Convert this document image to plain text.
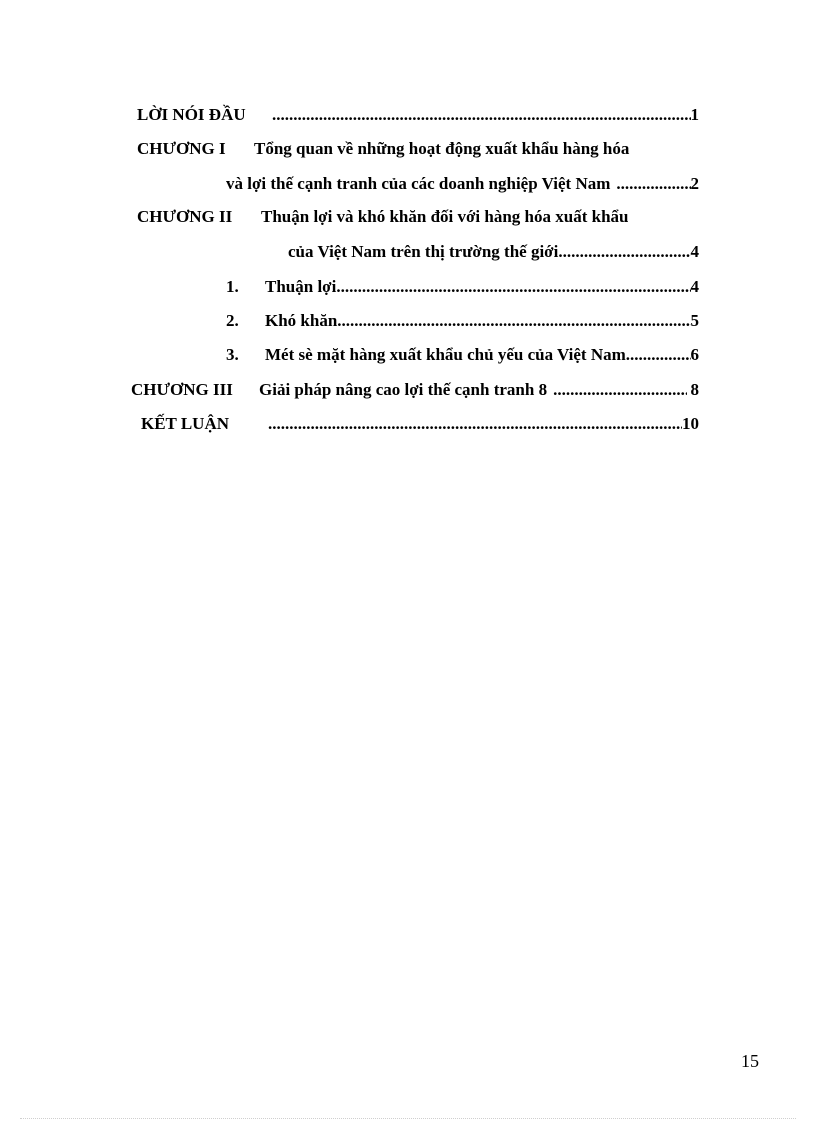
LỜI NÓI ĐẦU .....	1
CHƯƠNG I	Tổng quan về những hoạt động xuất khẩu hàng hóa
và lợi thế cạnh tranh của các doanh nghiệp Việt Nam .....	2
CHƯƠNG II	Thuận lợi và khó khăn đối với hàng hóa xuất khẩu
của Việt Nam trên thị trường thế giới .....	4
1.	Thuận lợi .....	4
2.	Khó khăn .....	5
3.	Mét sè mặt hàng xuất khẩu chủ yếu của Việt Nam .....	6
CHƯƠNG III	Giải pháp nâng cao lợi thế cạnh tranh 8 .....	8
KẾT LUẬN .....	10
15
